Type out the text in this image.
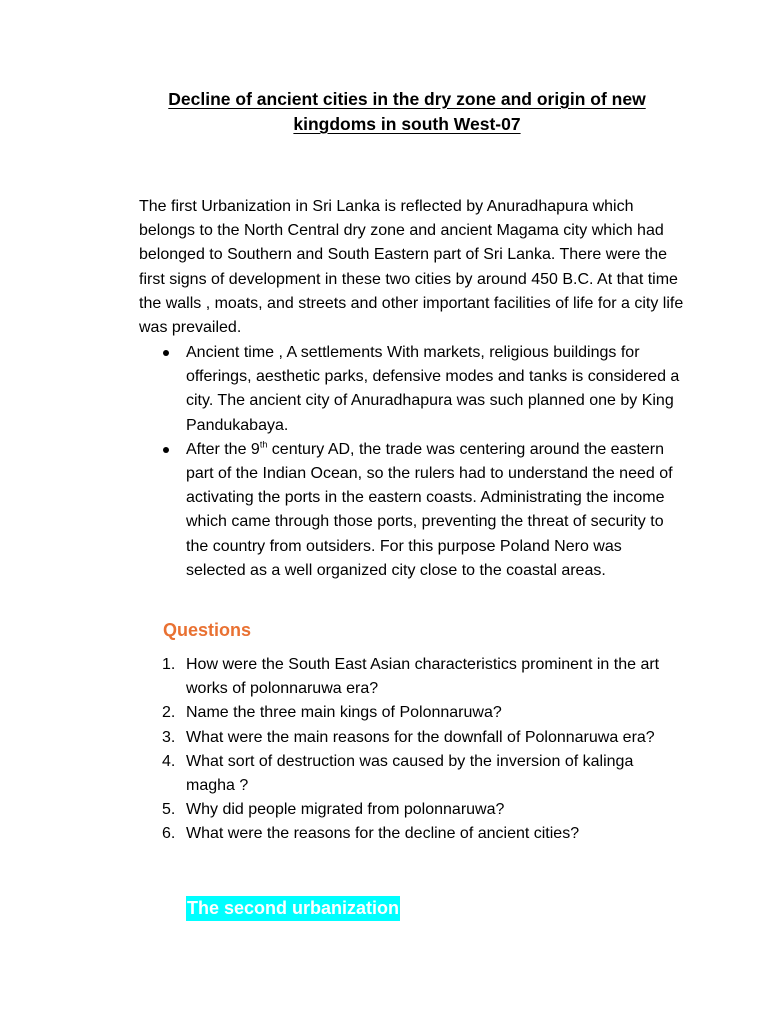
Decline of ancient cities in the dry zone and origin of new
kingdoms in south West-07

The first Urbanization in Sri Lanka is reflected by Anuradhapura which belongs to the North Central dry zone and ancient Magama city which had belonged to Southern and South Eastern part of Sri Lanka. There were the first signs of development in these two cities by around 450 B.C. At that time the walls , moats, and streets and other important facilities of life for a city life was prevailed.

Ancient time , A settlements With markets, religious buildings for offerings, aesthetic parks, defensive modes and tanks is considered a city. The ancient city of Anuradhapura was such planned one by King Pandukabaya.
After the 9th century AD, the trade was centering around the eastern part of the Indian Ocean, so the rulers had to understand the need of activating the ports in the eastern coasts. Administrating the income which came through those ports, preventing the threat of security to the country from outsiders. For this purpose Poland Nero was selected as a well organized city close to the coastal areas.
Questions
1. How were the South East Asian characteristics prominent in the art works of polonnaruwa era?
2. Name the three main kings of Polonnaruwa?
3. What were the main reasons for the downfall of Polonnaruwa era?
4. What sort of destruction was caused by the inversion of kalinga magha ?
5. Why did people migrated from polonnaruwa?
6. What were the reasons for the decline of ancient cities?
The second urbanization
